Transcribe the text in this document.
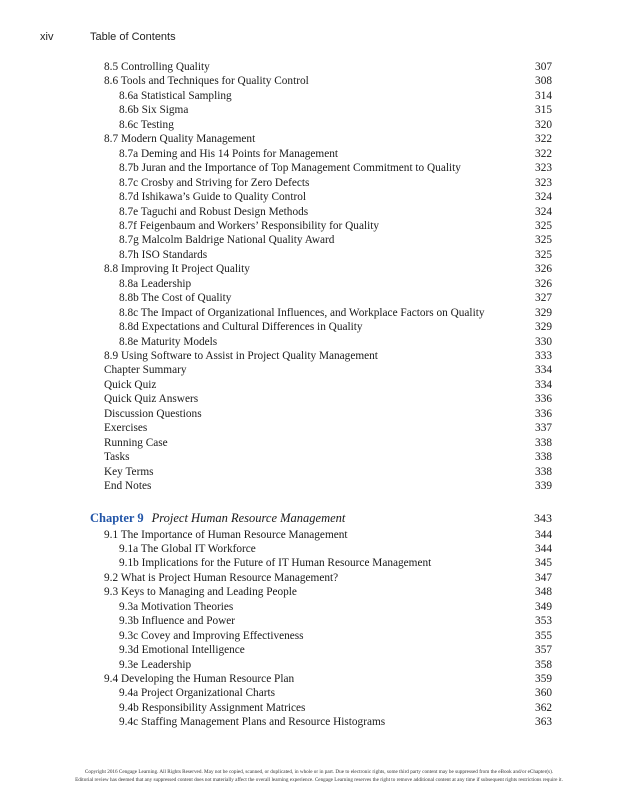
xiv	Table of Contents
8.5 Controlling Quality	307
8.6 Tools and Techniques for Quality Control	308
8.6a Statistical Sampling	314
8.6b Six Sigma	315
8.6c Testing	320
8.7 Modern Quality Management	322
8.7a Deming and His 14 Points for Management	322
8.7b Juran and the Importance of Top Management Commitment to Quality	323
8.7c Crosby and Striving for Zero Defects	323
8.7d Ishikawa’s Guide to Quality Control	324
8.7e Taguchi and Robust Design Methods	324
8.7f Feigenbaum and Workers’ Responsibility for Quality	325
8.7g Malcolm Baldrige National Quality Award	325
8.7h ISO Standards	325
8.8 Improving It Project Quality	326
8.8a Leadership	326
8.8b The Cost of Quality	327
8.8c The Impact of Organizational Influences, and Workplace Factors on Quality	329
8.8d Expectations and Cultural Differences in Quality	329
8.8e Maturity Models	330
8.9 Using Software to Assist in Project Quality Management	333
Chapter Summary	334
Quick Quiz	334
Quick Quiz Answers	336
Discussion Questions	336
Exercises	337
Running Case	338
Tasks	338
Key Terms	338
End Notes	339
Chapter 9 Project Human Resource Management	343
9.1 The Importance of Human Resource Management	344
9.1a The Global IT Workforce	344
9.1b Implications for the Future of IT Human Resource Management	345
9.2 What is Project Human Resource Management?	347
9.3 Keys to Managing and Leading People	348
9.3a Motivation Theories	349
9.3b Influence and Power	353
9.3c Covey and Improving Effectiveness	355
9.3d Emotional Intelligence	357
9.3e Leadership	358
9.4 Developing the Human Resource Plan	359
9.4a Project Organizational Charts	360
9.4b Responsibility Assignment Matrices	362
9.4c Staffing Management Plans and Resource Histograms	363
Copyright 2016 Cengage Learning. All Rights Reserved. May not be copied, scanned, or duplicated, in whole or in part. Due to electronic rights, some third party content may be suppressed from the eBook and/or eChapter(s).
Editorial review has deemed that any suppressed content does not materially affect the overall learning experience. Cengage Learning reserves the right to remove additional content at any time if subsequent rights restrictions require it.
